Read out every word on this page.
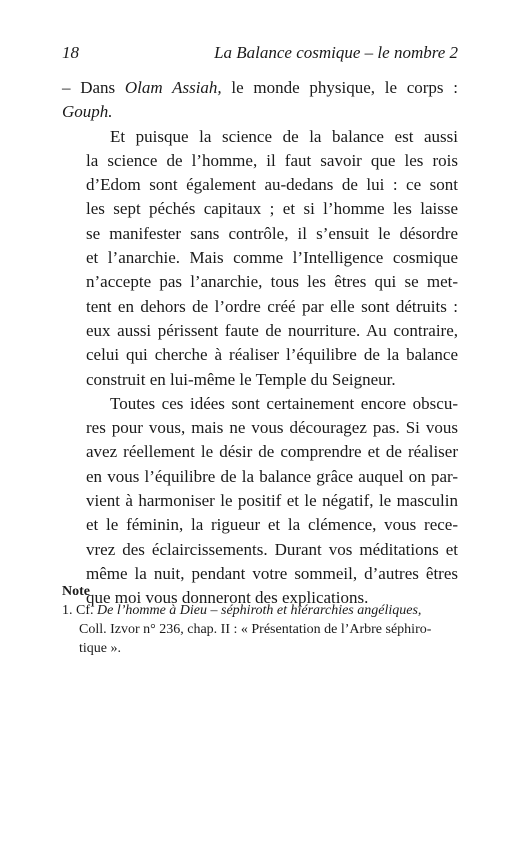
18	La Balance cosmique – le nombre 2

– Dans Olam Assiah, le monde physique, le corps :
Gouph.

Et puisque la science de la balance est aussi
la science de l’homme, il faut savoir que les rois
d’Edom sont également au-dedans de lui : ce sont
les sept péchés capitaux ; et si l’homme les laisse
se manifester sans contrôle, il s’ensuit le désordre
et l’anarchie. Mais comme l’Intelligence cosmique
n’accepte pas l’anarchie, tous les êtres qui se met-
tent en dehors de l’ordre créé par elle sont détruits :
eux aussi périssent faute de nourriture. Au contraire,
celui qui cherche à réaliser l’équilibre de la balance
construit en lui-même le Temple du Seigneur.

Toutes ces idées sont certainement encore obscu-
res pour vous, mais ne vous découragez pas. Si vous
avez réellement le désir de comprendre et de réaliser
en vous l’équilibre de la balance grâce auquel on par-
vient à harmoniser le positif et le négatif, le masculin
et le féminin, la rigueur et la clémence, vous rece-
vrez des éclaircissements. Durant vos méditations et
même la nuit, pendant votre sommeil, d’autres êtres
que moi vous donneront des explications.

Note

1. Cf. De l’homme à Dieu – séphiroth et hiérarchies angéliques,
Coll. Izvor n° 236, chap. II : « Présentation de l’Arbre séphiro-
tique ».
